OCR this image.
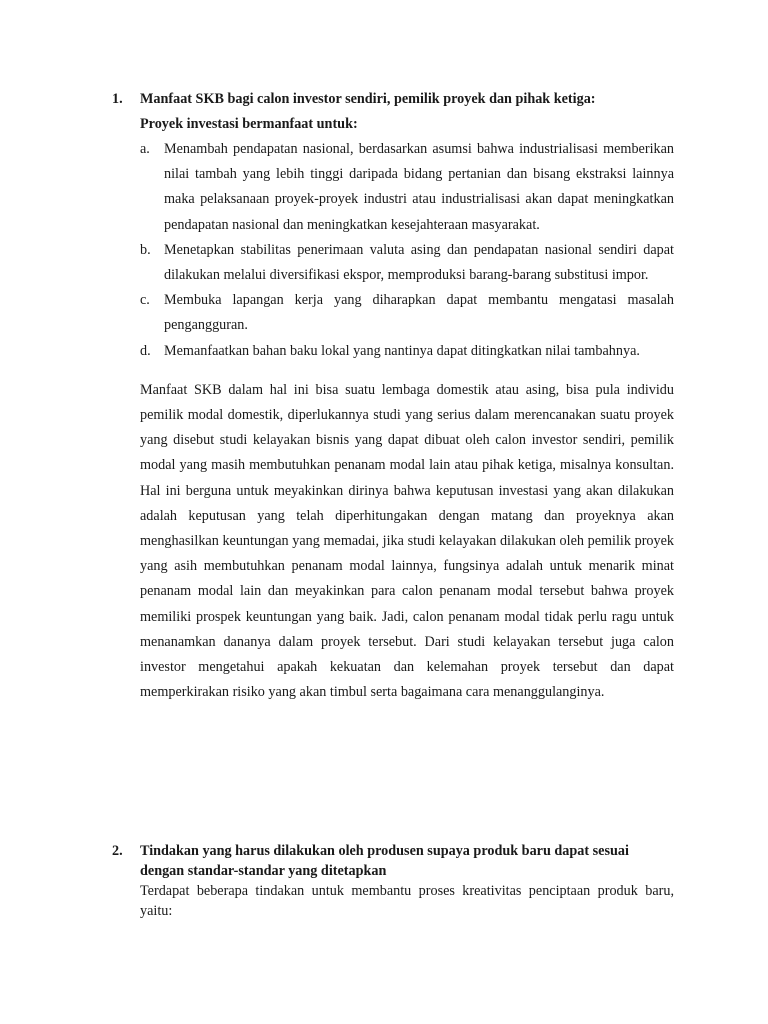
1. Manfaat SKB bagi calon investor sendiri, pemilik proyek dan pihak ketiga:
Proyek investasi bermanfaat untuk:
a. Menambah pendapatan nasional, berdasarkan asumsi bahwa industrialisasi memberikan nilai tambah yang lebih tinggi daripada bidang pertanian dan bisang ekstraksi lainnya maka pelaksanaan proyek-proyek industri atau industrialisasi akan dapat meningkatkan pendapatan nasional dan meningkatkan kesejahteraan masyarakat.
b. Menetapkan stabilitas penerimaan valuta asing dan pendapatan nasional sendiri dapat dilakukan melalui diversifikasi ekspor, memproduksi barang-barang substitusi impor.
c. Membuka lapangan kerja yang diharapkan dapat membantu mengatasi masalah pengangguran.
d. Memanfaatkan bahan baku lokal yang nantinya dapat ditingkatkan nilai tambahnya.

Manfaat SKB dalam hal ini bisa suatu lembaga domestik atau asing, bisa pula individu pemilik modal domestik, diperlukannya studi yang serius dalam merencanakan suatu proyek yang disebut studi kelayakan bisnis yang dapat dibuat oleh calon investor sendiri, pemilik modal yang masih membutuhkan penanam modal lain atau pihak ketiga, misalnya konsultan. Hal ini berguna untuk meyakinkan dirinya bahwa keputusan investasi yang akan dilakukan adalah keputusan yang telah diperhitungakan dengan matang dan proyeknya akan menghasilkan keuntungan yang memadai, jika studi kelayakan dilakukan oleh pemilik proyek yang asih membutuhkan penanam modal lainnya, fungsinya adalah untuk menarik minat penanam modal lain dan meyakinkan para calon penanam modal tersebut bahwa proyek memiliki prospek keuntungan yang baik. Jadi, calon penanam modal tidak perlu ragu untuk menanamkan dananya dalam proyek tersebut. Dari studi kelayakan tersebut juga calon investor mengetahui apakah kekuatan dan kelemahan proyek tersebut dan dapat memperkirakan risiko yang akan timbul serta bagaimana cara menanggulanginya.

2. Tindakan yang harus dilakukan oleh produsen supaya produk baru dapat sesuai dengan standar-standar yang ditetapkan

Terdapat beberapa tindakan untuk membantu proses kreativitas penciptaan produk baru, yaitu:
